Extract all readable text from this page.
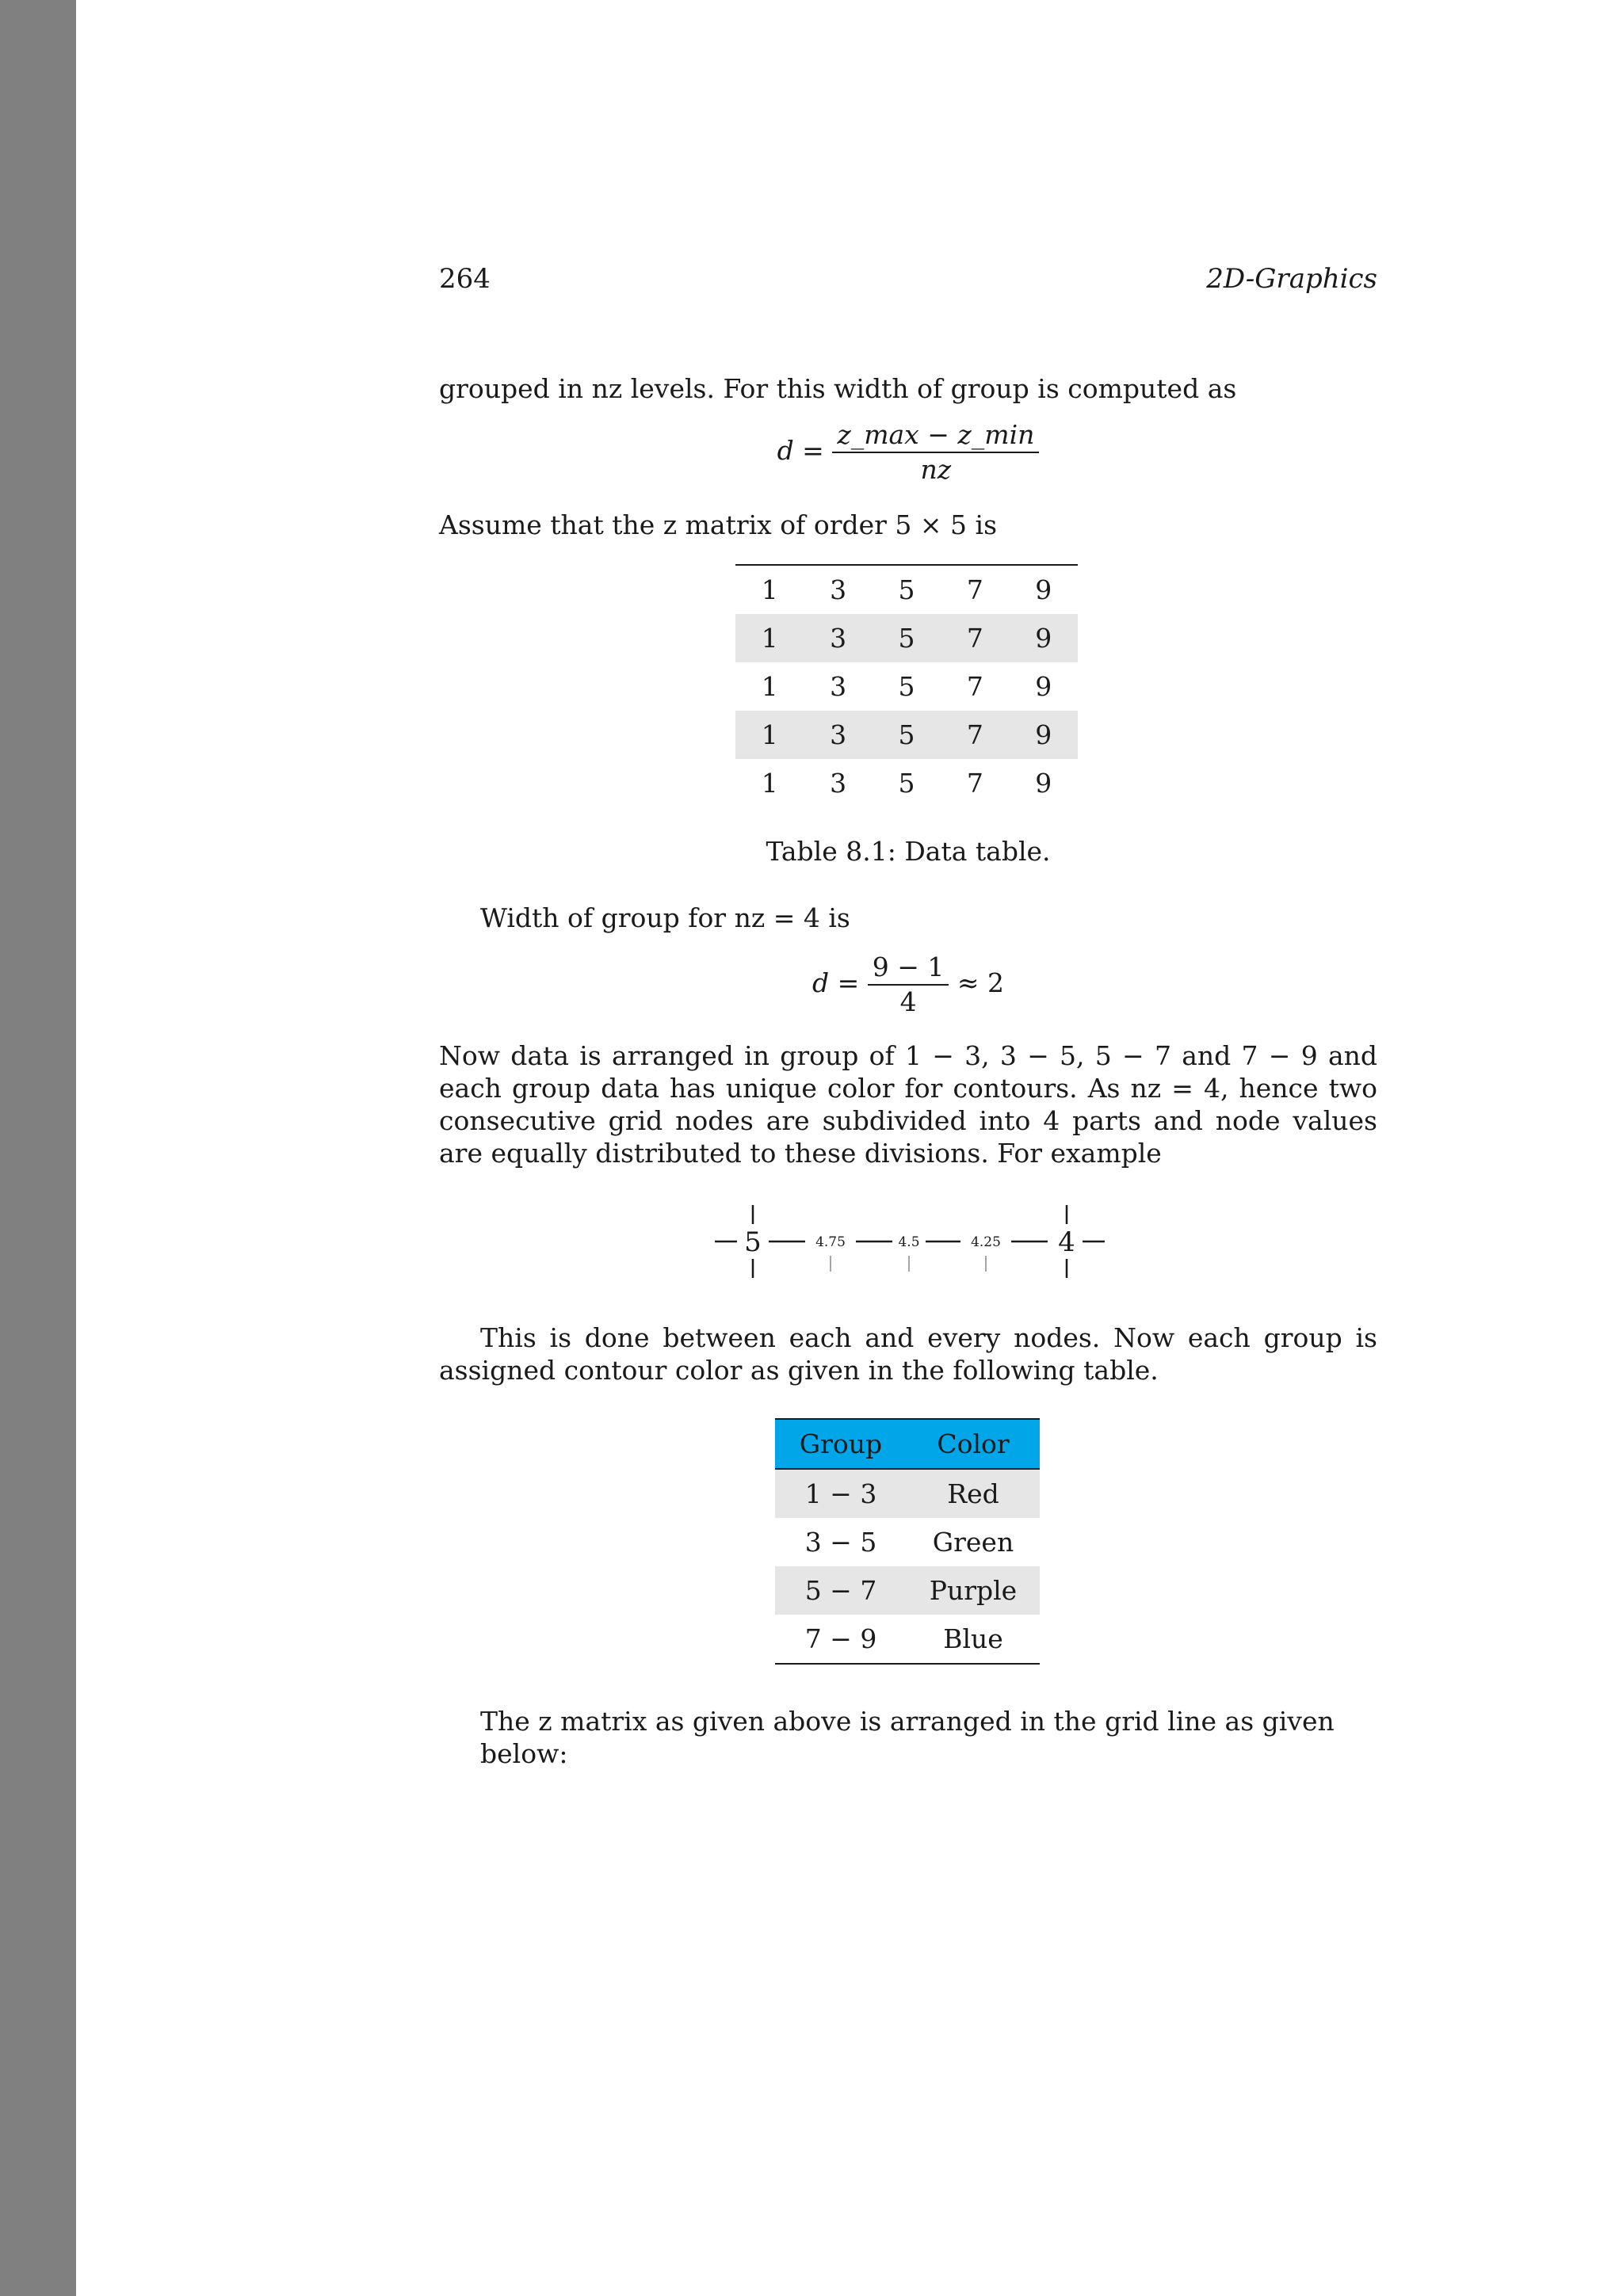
264	2D-Graphics
grouped in nz levels. For this width of group is computed as
$d = \frac{z\_\max - z\_\min}{nz}$
Assume that the z matrix of order 5 × 5 is
1	3	5	7	9
1	3	5	7	9
1	3	5	7	9
1	3	5	7	9
1	3	5	7	9
Table 8.1: Data table.
Width of group for nz = 4 is
$d = \frac{9 - 1}{4} \approx 2$
Now data is arranged in group of 1 − 3, 3 − 5, 5 − 7 and 7 − 9 and each group data has unique color for contours. As nz = 4, hence two consecutive grid nodes are subdivided into 4 parts and node values are equally distributed to these divisions. For example
5	4.75	4.5	4.25 4
This is done between each and every nodes. Now each group is assigned contour color as given in the following table.
Group	Color
1 − 3	Red
3 − 5	Green
5 − 7	Purple
7 − 9	Blue
The z matrix as given above is arranged in the grid line as given below:
